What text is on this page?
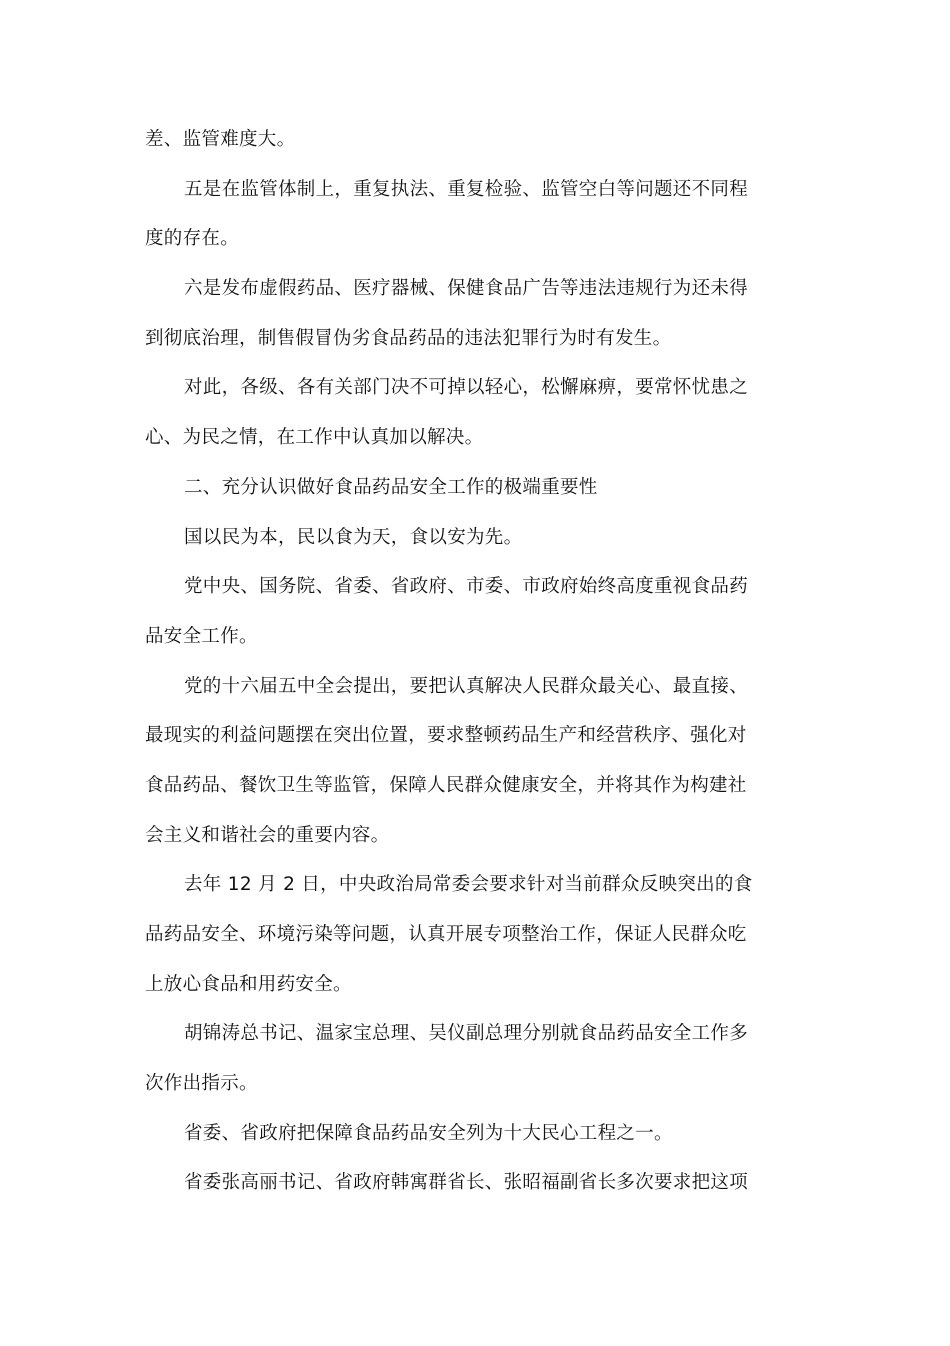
差、监管难度大。
五是在监管体制上，重复执法、重复检验、监管空白等问题还不同程
度的存在。
六是发布虚假药品、医疗器械、保健食品广告等违法违规行为还未得
到彻底治理，制售假冒伪劣食品药品的违法犯罪行为时有发生。
对此，各级、各有关部门决不可掉以轻心，松懈麻痹，要常怀忧患之
心、为民之情，在工作中认真加以解决。
二、充分认识做好食品药品安全工作的极端重要性
国以民为本，民以食为天，食以安为先。
党中央、国务院、省委、省政府、市委、市政府始终高度重视食品药
品安全工作。
党的十六届五中全会提出，要把认真解决人民群众最关心、最直接、
最现实的利益问题摆在突出位置，要求整顿药品生产和经营秩序、强化对
食品药品、餐饮卫生等监管，保障人民群众健康安全，并将其作为构建社
会主义和谐社会的重要内容。
去年 12 月 2 日，中央政治局常委会要求针对当前群众反映突出的食
品药品安全、环境污染等问题，认真开展专项整治工作，保证人民群众吃
上放心食品和用药安全。
胡锦涛总书记、温家宝总理、吴仪副总理分别就食品药品安全工作多
次作出指示。
省委、省政府把保障食品药品安全列为十大民心工程之一。
省委张高丽书记、省政府韩寓群省长、张昭福副省长多次要求把这项
